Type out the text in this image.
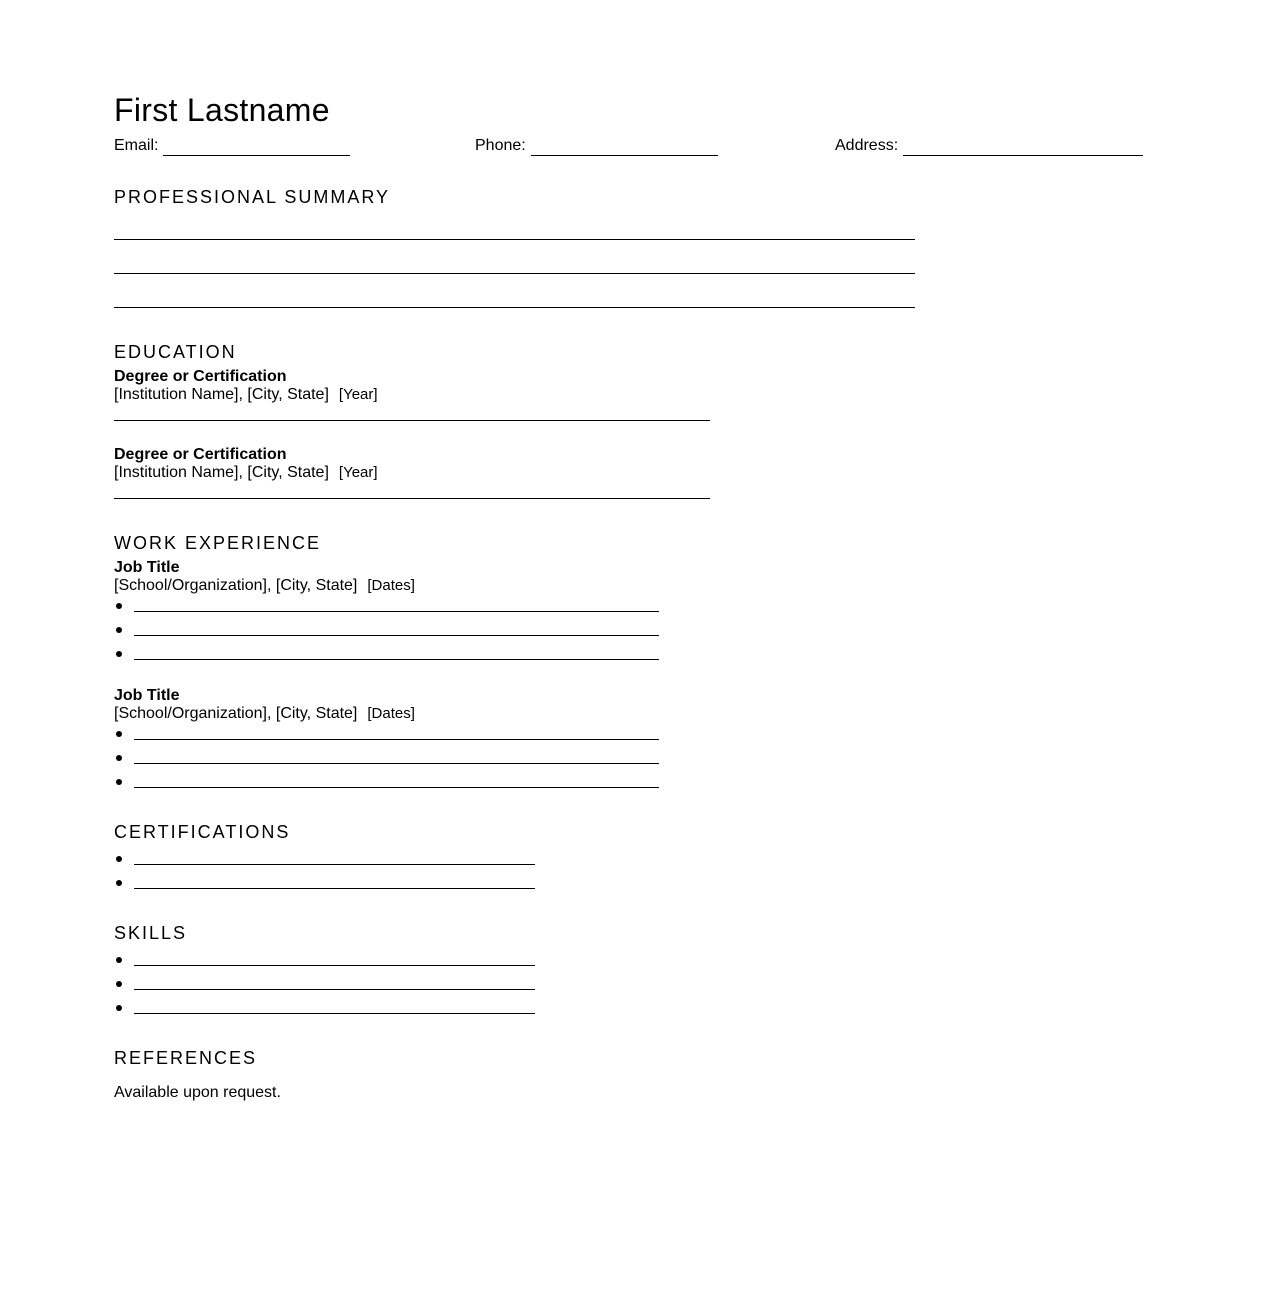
First Lastname
Email:	Phone:	Address:
PROFESSIONAL SUMMARY
EDUCATION
Degree or Certification
[Institution Name], [City, State] [Year]
Degree or Certification
[Institution Name], [City, State] [Year]
WORK EXPERIENCE
Job Title
[School/Organization], [City, State] [Dates]
Job Title
[School/Organization], [City, State] [Dates]
CERTIFICATIONS
SKILLS
REFERENCES
Available upon request.
